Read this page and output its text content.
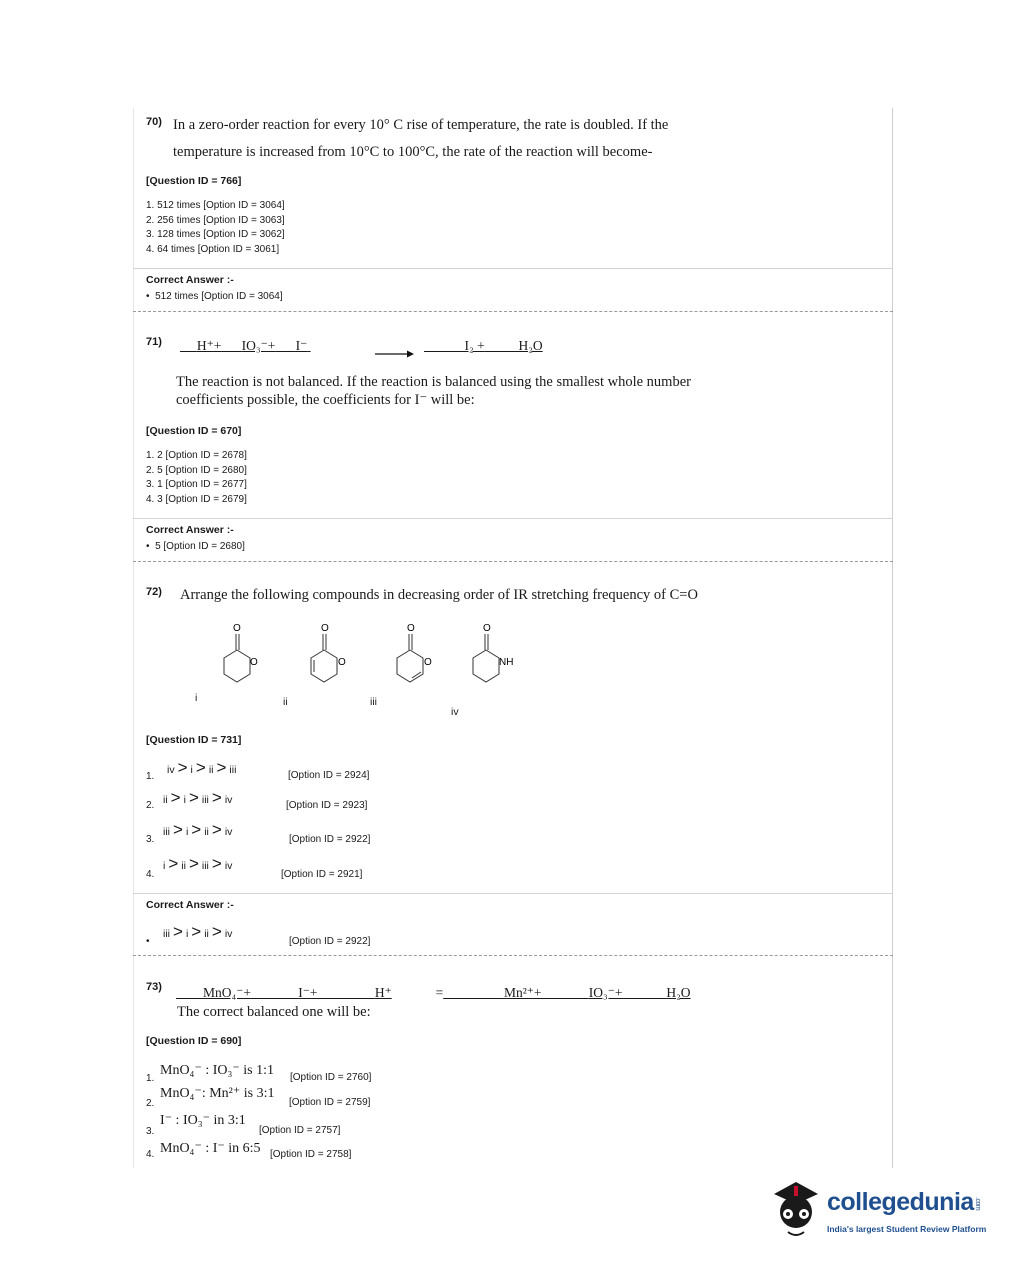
70) In a zero-order reaction for every 10° C rise of temperature, the rate is doubled. If the
temperature is increased from 10°C to 100°C, the rate of the reaction will become-
[Question ID = 766]
1. 512 times [Option ID = 3064]
2. 256 times [Option ID = 3063]
3. 128 times [Option ID = 3062]
4. 64 times [Option ID = 3061]
Correct Answer :-
•  512 times [Option ID = 3064]
71)	H⁺+ IO₃⁻+ I⁻	I₂ +	H₂O
The reaction is not balanced. If the reaction is balanced using the smallest whole number
coefficients possible, the coefficients for I⁻ will be:
[Question ID = 670]
1. 2 [Option ID = 2678]
2. 5 [Option ID = 2680]
3. 1 [Option ID = 2677]
4. 3 [Option ID = 2679]
Correct Answer :-
•  5 [Option ID = 2680]
72) Arrange the following compounds in decreasing order of IR stretching frequency of C=O
O
O
O
O
O
O
O
NH
i	ii	iii
iv
[Question ID = 731]
1.
iv > i > ii > iii	[Option ID = 2924]
2. ii > i > iii > iv	[Option ID = 2923]
3.
iii > i > ii > iv
[Option ID = 2922]
4.
i > ii > iii > iv
[Option ID = 2921]
Correct Answer :-
•
iii > i > ii > iv
[Option ID = 2922]
73)	MnO₄⁻+	I⁻+	H⁺	=	Mn²⁺+	IO₃⁻+	H₂O
The correct balanced one will be:
[Question ID = 690]
1.
MnO₄⁻ : IO₃⁻ is 1:1 [Option ID = 2760]
2.
MnO₄⁻: Mn²⁺ is 3:1
[Option ID = 2759]
3.
I⁻ : IO₃⁻ in 3:1
[Option ID = 2757]
4. MnO₄⁻ : I⁻ in 6:5 [Option ID = 2758]
collegedunia.com
India's largest Student Review Platform
